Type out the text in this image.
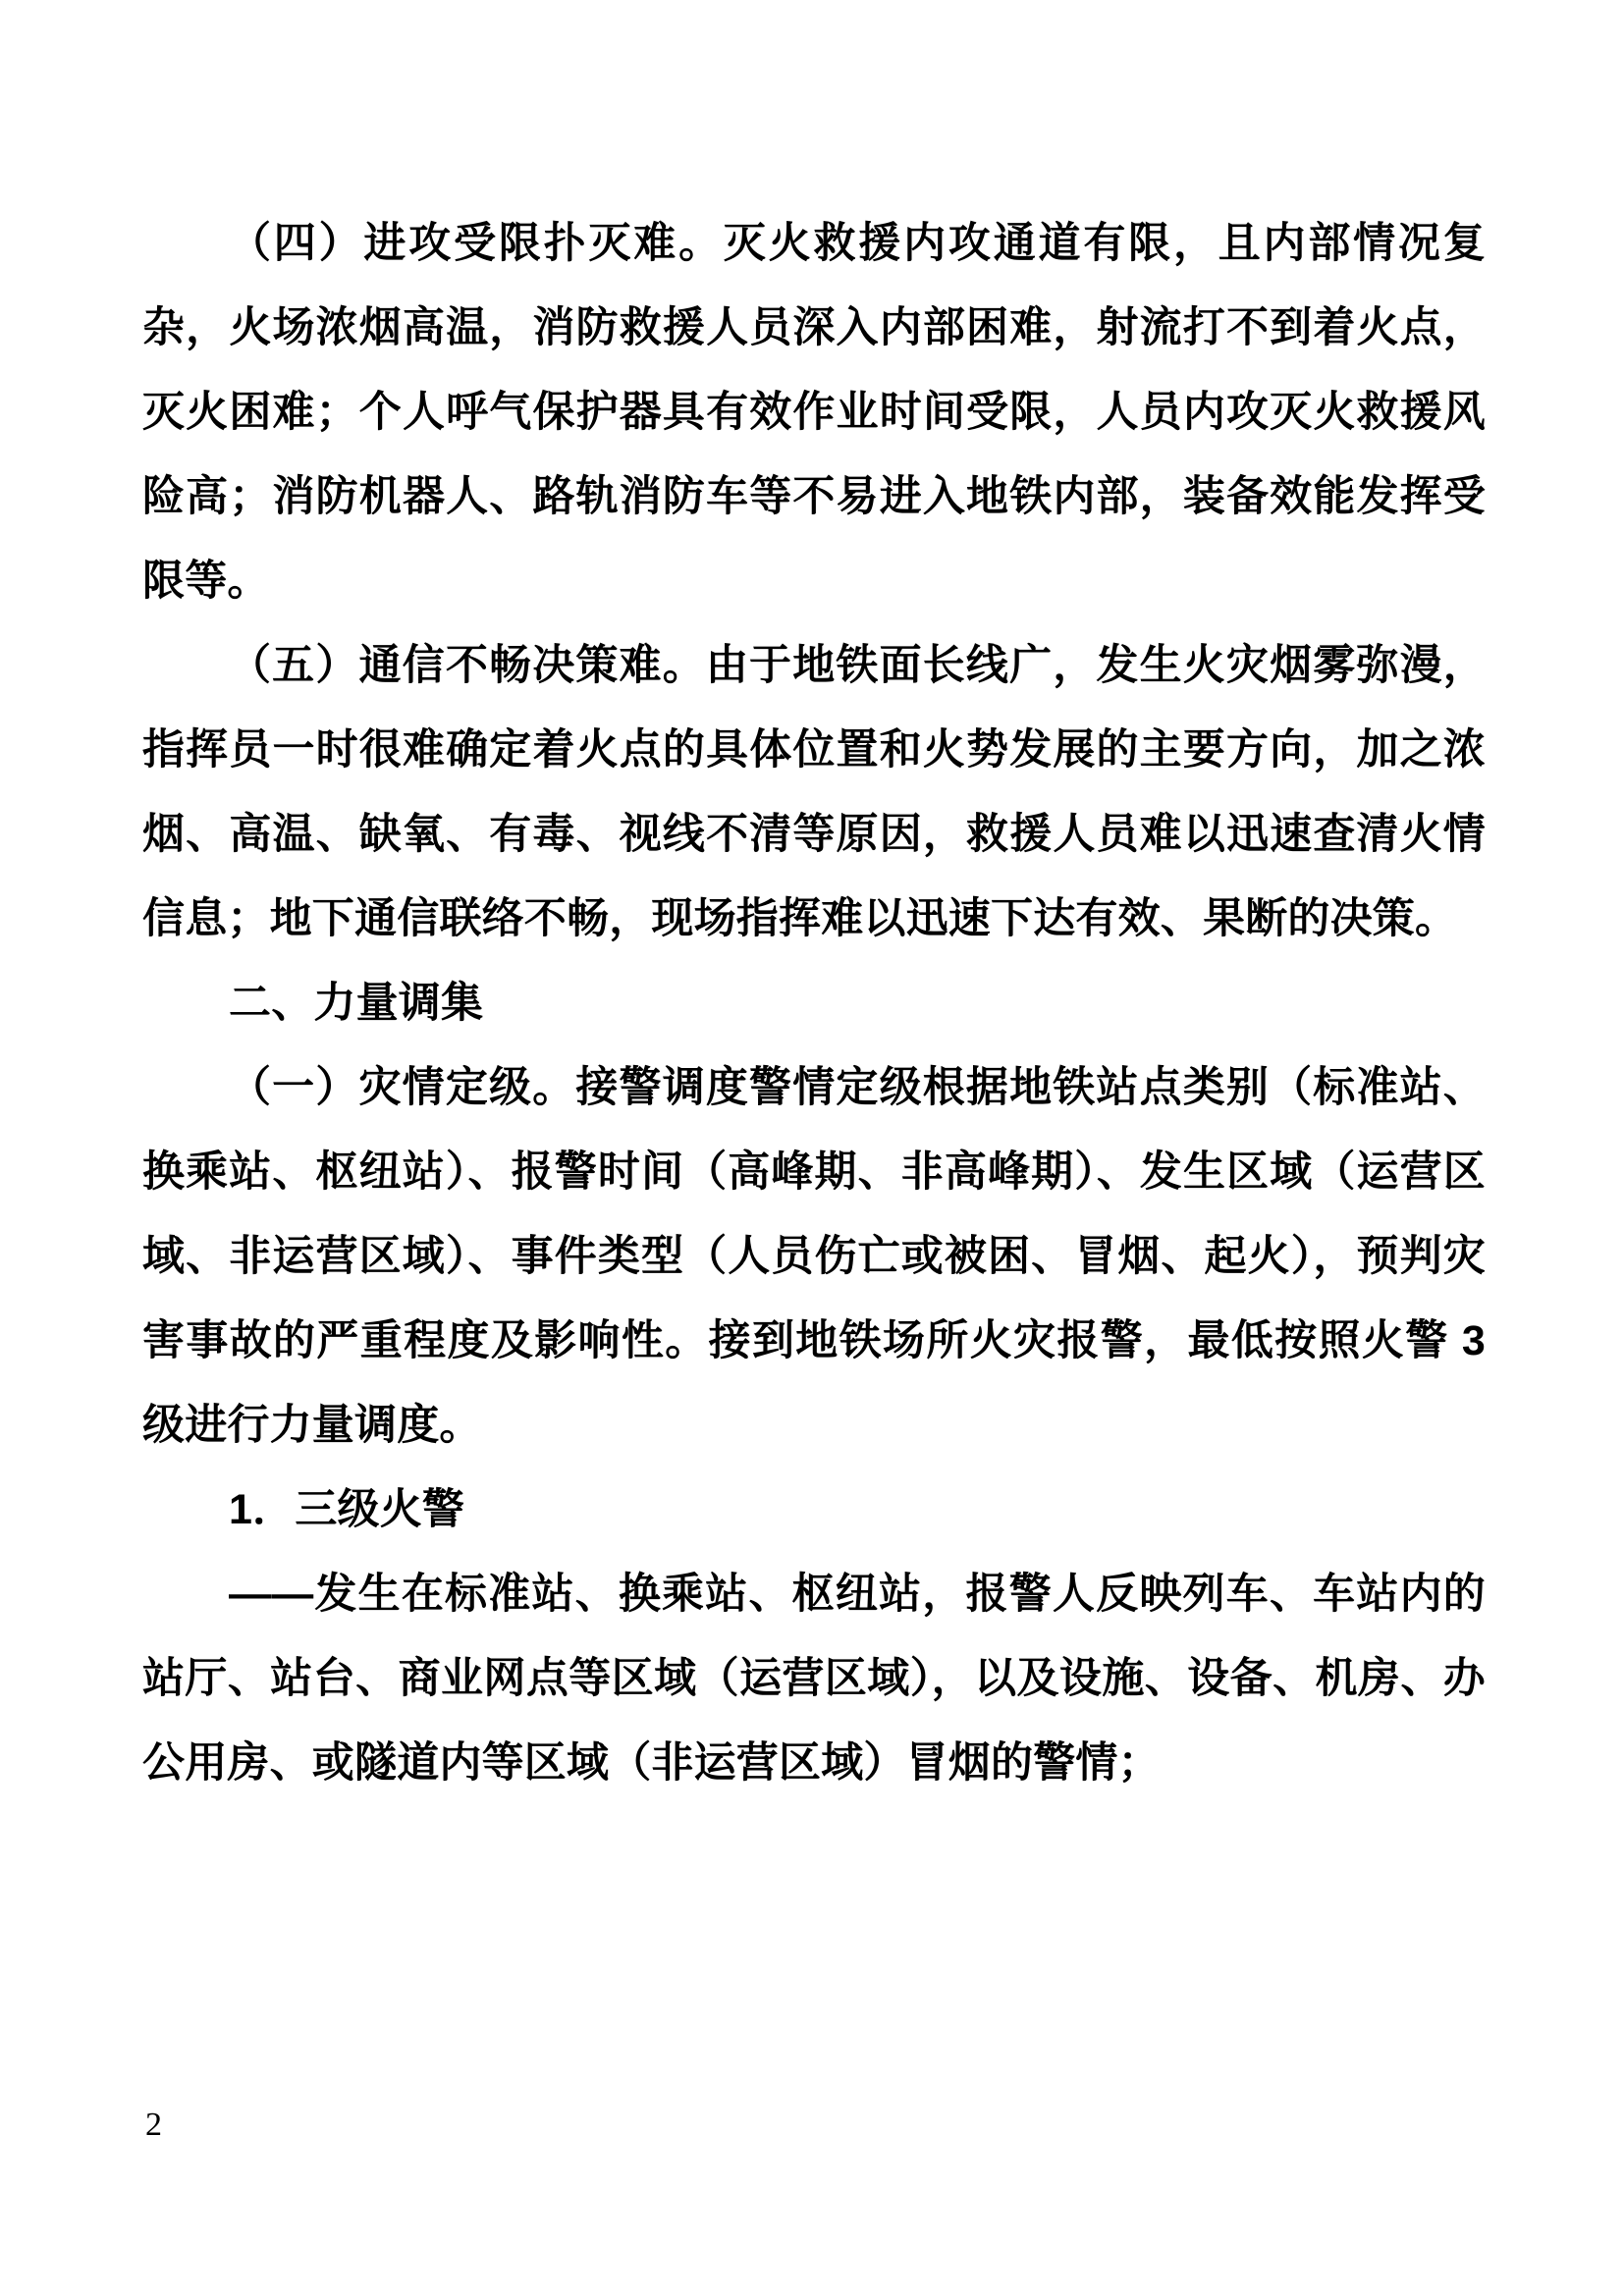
（四）进攻受限扑灭难。灭火救援内攻通道有限，且内部情况复杂，火场浓烟高温，消防救援人员深入内部困难，射流打不到着火点，灭火困难；个人呼气保护器具有效作业时间受限，人员内攻灭火救援风险高；消防机器人、路轨消防车等不易进入地铁内部，装备效能发挥受限等。

（五）通信不畅决策难。由于地铁面长线广，发生火灾烟雾弥漫，指挥员一时很难确定着火点的具体位置和火势发展的主要方向，加之浓烟、高温、缺氧、有毒、视线不清等原因，救援人员难以迅速查清火情信息；地下通信联络不畅，现场指挥难以迅速下达有效、果断的决策。

二、力量调集

（一）灾情定级。接警调度警情定级根据地铁站点类别（标准站、换乘站、枢纽站）、报警时间（高峰期、非高峰期）、发生区域（运营区域、非运营区域）、事件类型（人员伤亡或被困、冒烟、起火），预判灾害事故的严重程度及影响性。接到地铁场所火灾报警，最低按照火警 3 级进行力量调度。

1．三级火警

——发生在标准站、换乘站、枢纽站，报警人反映列车、车站内的站厅、站台、商业网点等区域（运营区域），以及设施、设备、机房、办公用房、或隧道内等区域（非运营区域）冒烟的警情；

2
